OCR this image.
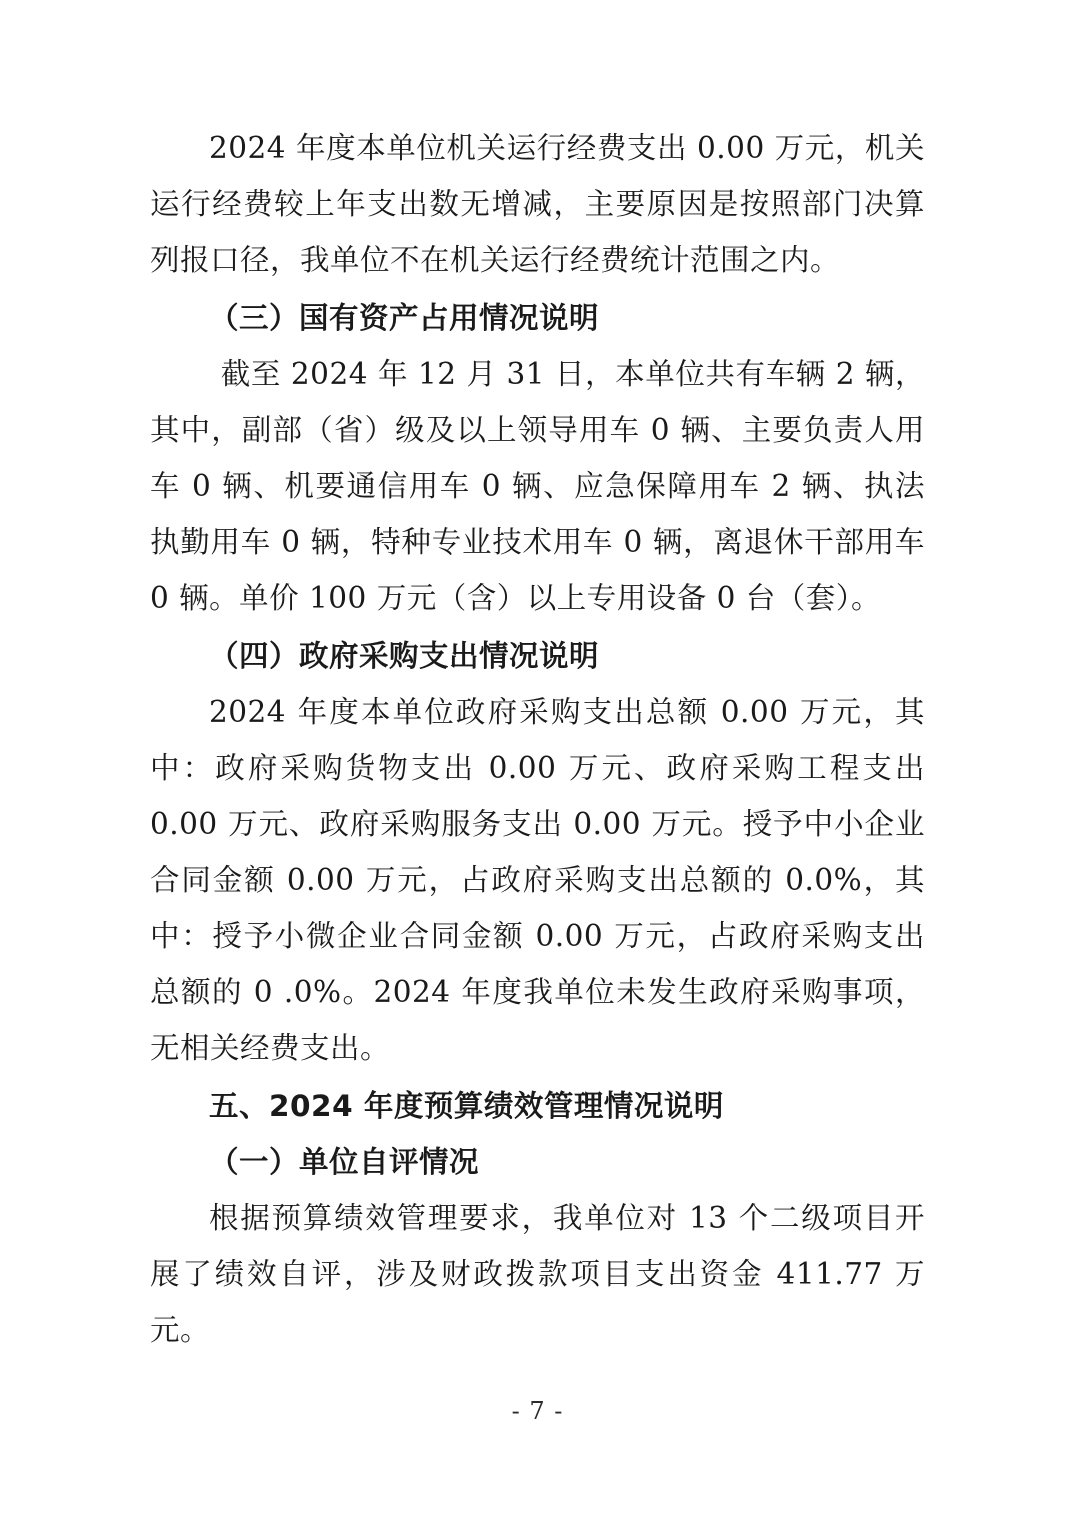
2024 年度本单位机关运行经费支出 0.00 万元，机关运行经费较上年支出数无增减，主要原因是按照部门决算列报口径，我单位不在机关运行经费统计范围之内。

（三）国有资产占用情况说明

截至 2024 年 12 月 31 日，本单位共有车辆 2 辆，其中，副部（省）级及以上领导用车 0 辆、主要负责人用车 0 辆、机要通信用车 0 辆、应急保障用车 2 辆、执法执勤用车 0 辆，特种专业技术用车 0 辆，离退休干部用车 0 辆。单价 100 万元（含）以上专用设备 0 台（套）。

（四）政府采购支出情况说明

2024 年度本单位政府采购支出总额 0.00 万元，其中：政府采购货物支出 0.00 万元、政府采购工程支出 0.00 万元、政府采购服务支出 0.00 万元。授予中小企业合同金额 0.00 万元，占政府采购支出总额的 0.0%，其中：授予小微企业合同金额 0.00 万元，占政府采购支出总额的 0 .0%。2024 年度我单位未发生政府采购事项，无相关经费支出。

五、2024 年度预算绩效管理情况说明
（一）单位自评情况

根据预算绩效管理要求，我单位对 13 个二级项目开展了绩效自评，涉及财政拨款项目支出资金 411.77 万元。

- 7 -
